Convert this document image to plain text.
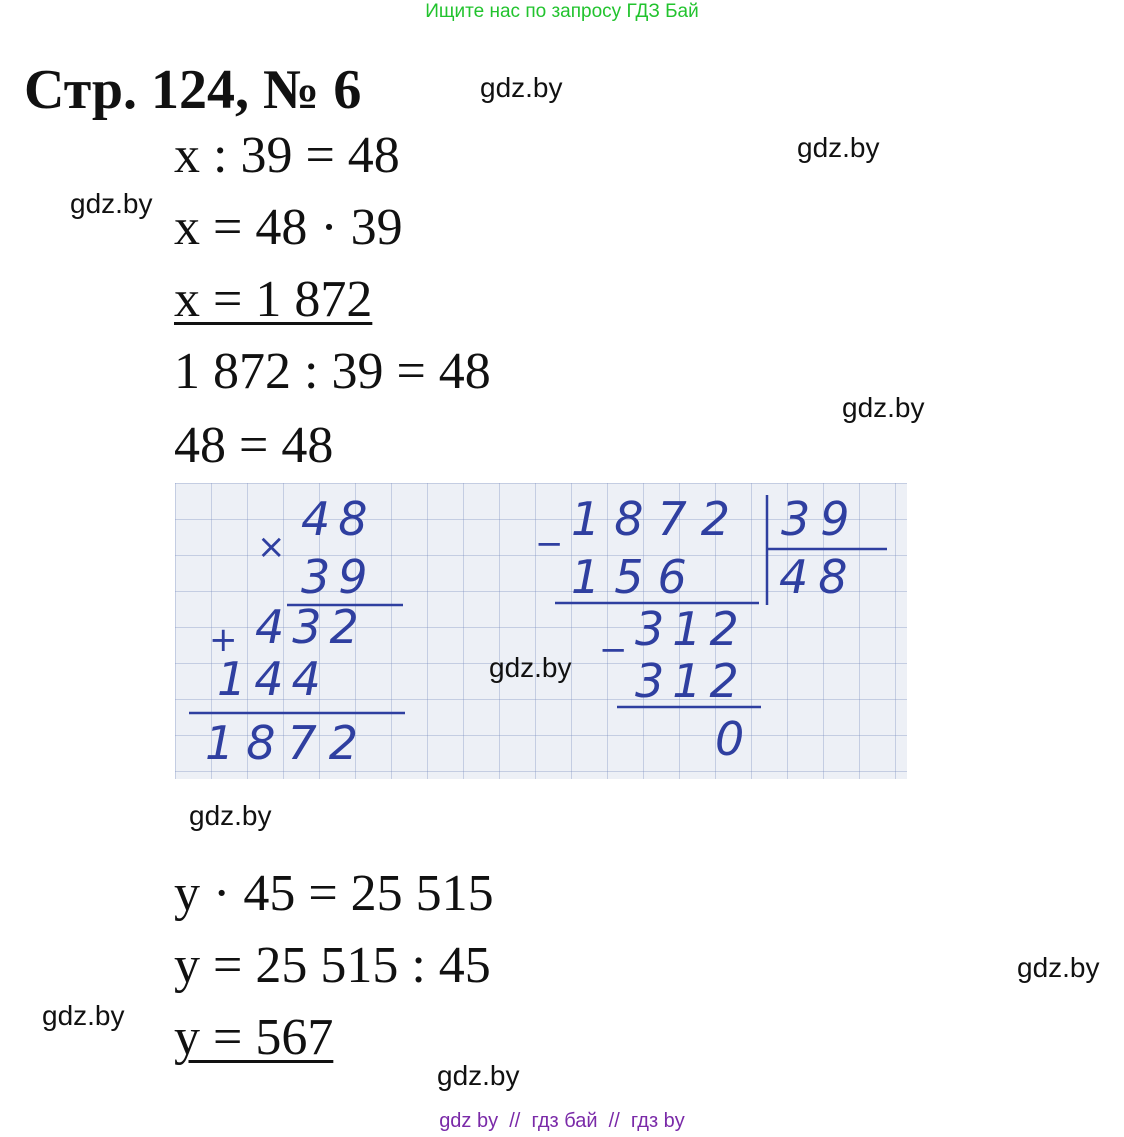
Ищите нас по запросу ГДЗ Бай
Стр. 124, № 6
x : 39 = 48
x = 48 · 39
x = 1 872
1 872 : 39 = 48
48 = 48
×
48
39
+ 432
144
1872
− 1872 39
156 48
− 312
312
0
y · 45 = 25 515
y = 25 515 : 45
y = 567
gdz.by
gdz.by
gdz.by
gdz.by
gdz.by
gdz.by
gdz.by
gdz.by
gdz.by
gdz by  //  гдз бай  //  гдз by
